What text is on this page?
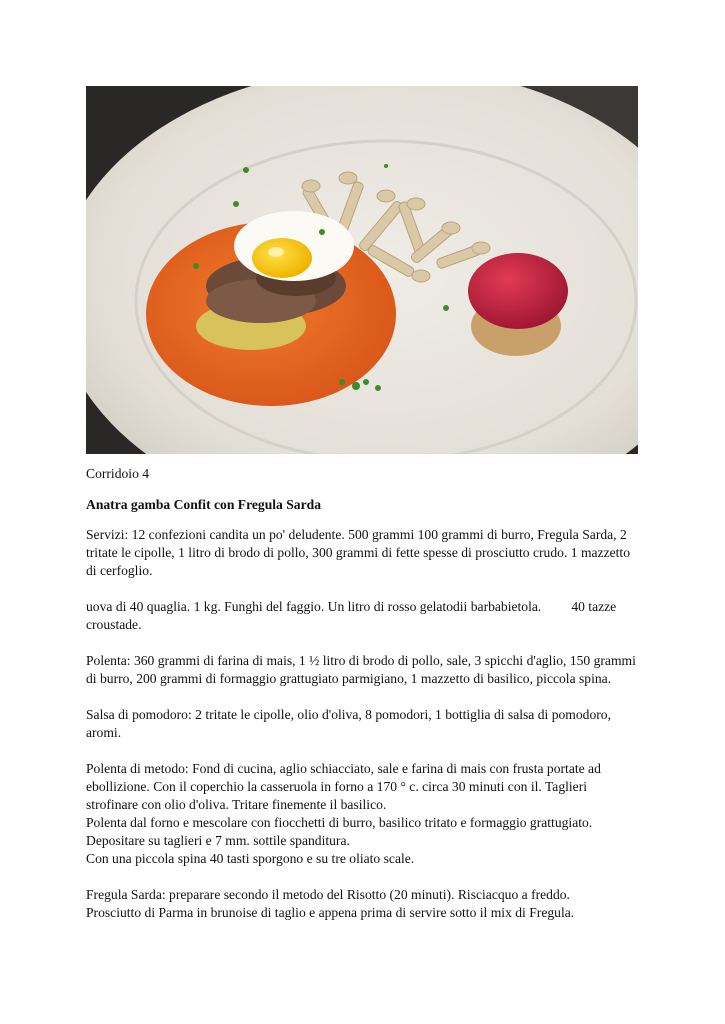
Corridoio 4

Anatra gamba Confit con Fregula Sarda

Servizi: 12 confezioni candita un po' deludente. 500 grammi 100 grammi di burro, Fregula Sarda, 2 tritate le cipolle, 1 litro di brodo di pollo, 300 grammi di fette spesse di prosciutto crudo. 1 mazzetto di cerfoglio.

uova di 40 quaglia. 1 kg. Funghi del faggio. Un litro di rosso gelatodii barbabietola. 40 tazze croustade.

Polenta: 360 grammi di farina di mais, 1 ½ litro di brodo di pollo, sale, 3 spicchi d'aglio, 150 grammi di burro, 200 grammi di formaggio grattugiato parmigiano, 1 mazzetto di basilico, piccola spina.

Salsa di pomodoro: 2 tritate le cipolle, olio d'oliva, 8 pomodori, 1 bottiglia di salsa di pomodoro, aromi.

Polenta di metodo: Fond di cucina, aglio schiacciato, sale e farina di mais con frusta portate ad ebollizione. Con il coperchio la casseruola in forno a 170 ° c. circa 30 minuti con il. Taglieri strofinare con olio d'oliva. Tritare finemente il basilico.

Polenta dal forno e mescolare con fiocchetti di burro, basilico tritato e formaggio grattugiato. Depositare su taglieri e 7 mm. sottile spanditura.

Con una piccola spina 40 tasti sporgono e su tre oliato scale.

Fregula Sarda: preparare secondo il metodo del Risotto (20 minuti). Risciacquo a freddo.

Prosciutto di Parma in brunoise di taglio e appena prima di servire sotto il mix di Fregula.
